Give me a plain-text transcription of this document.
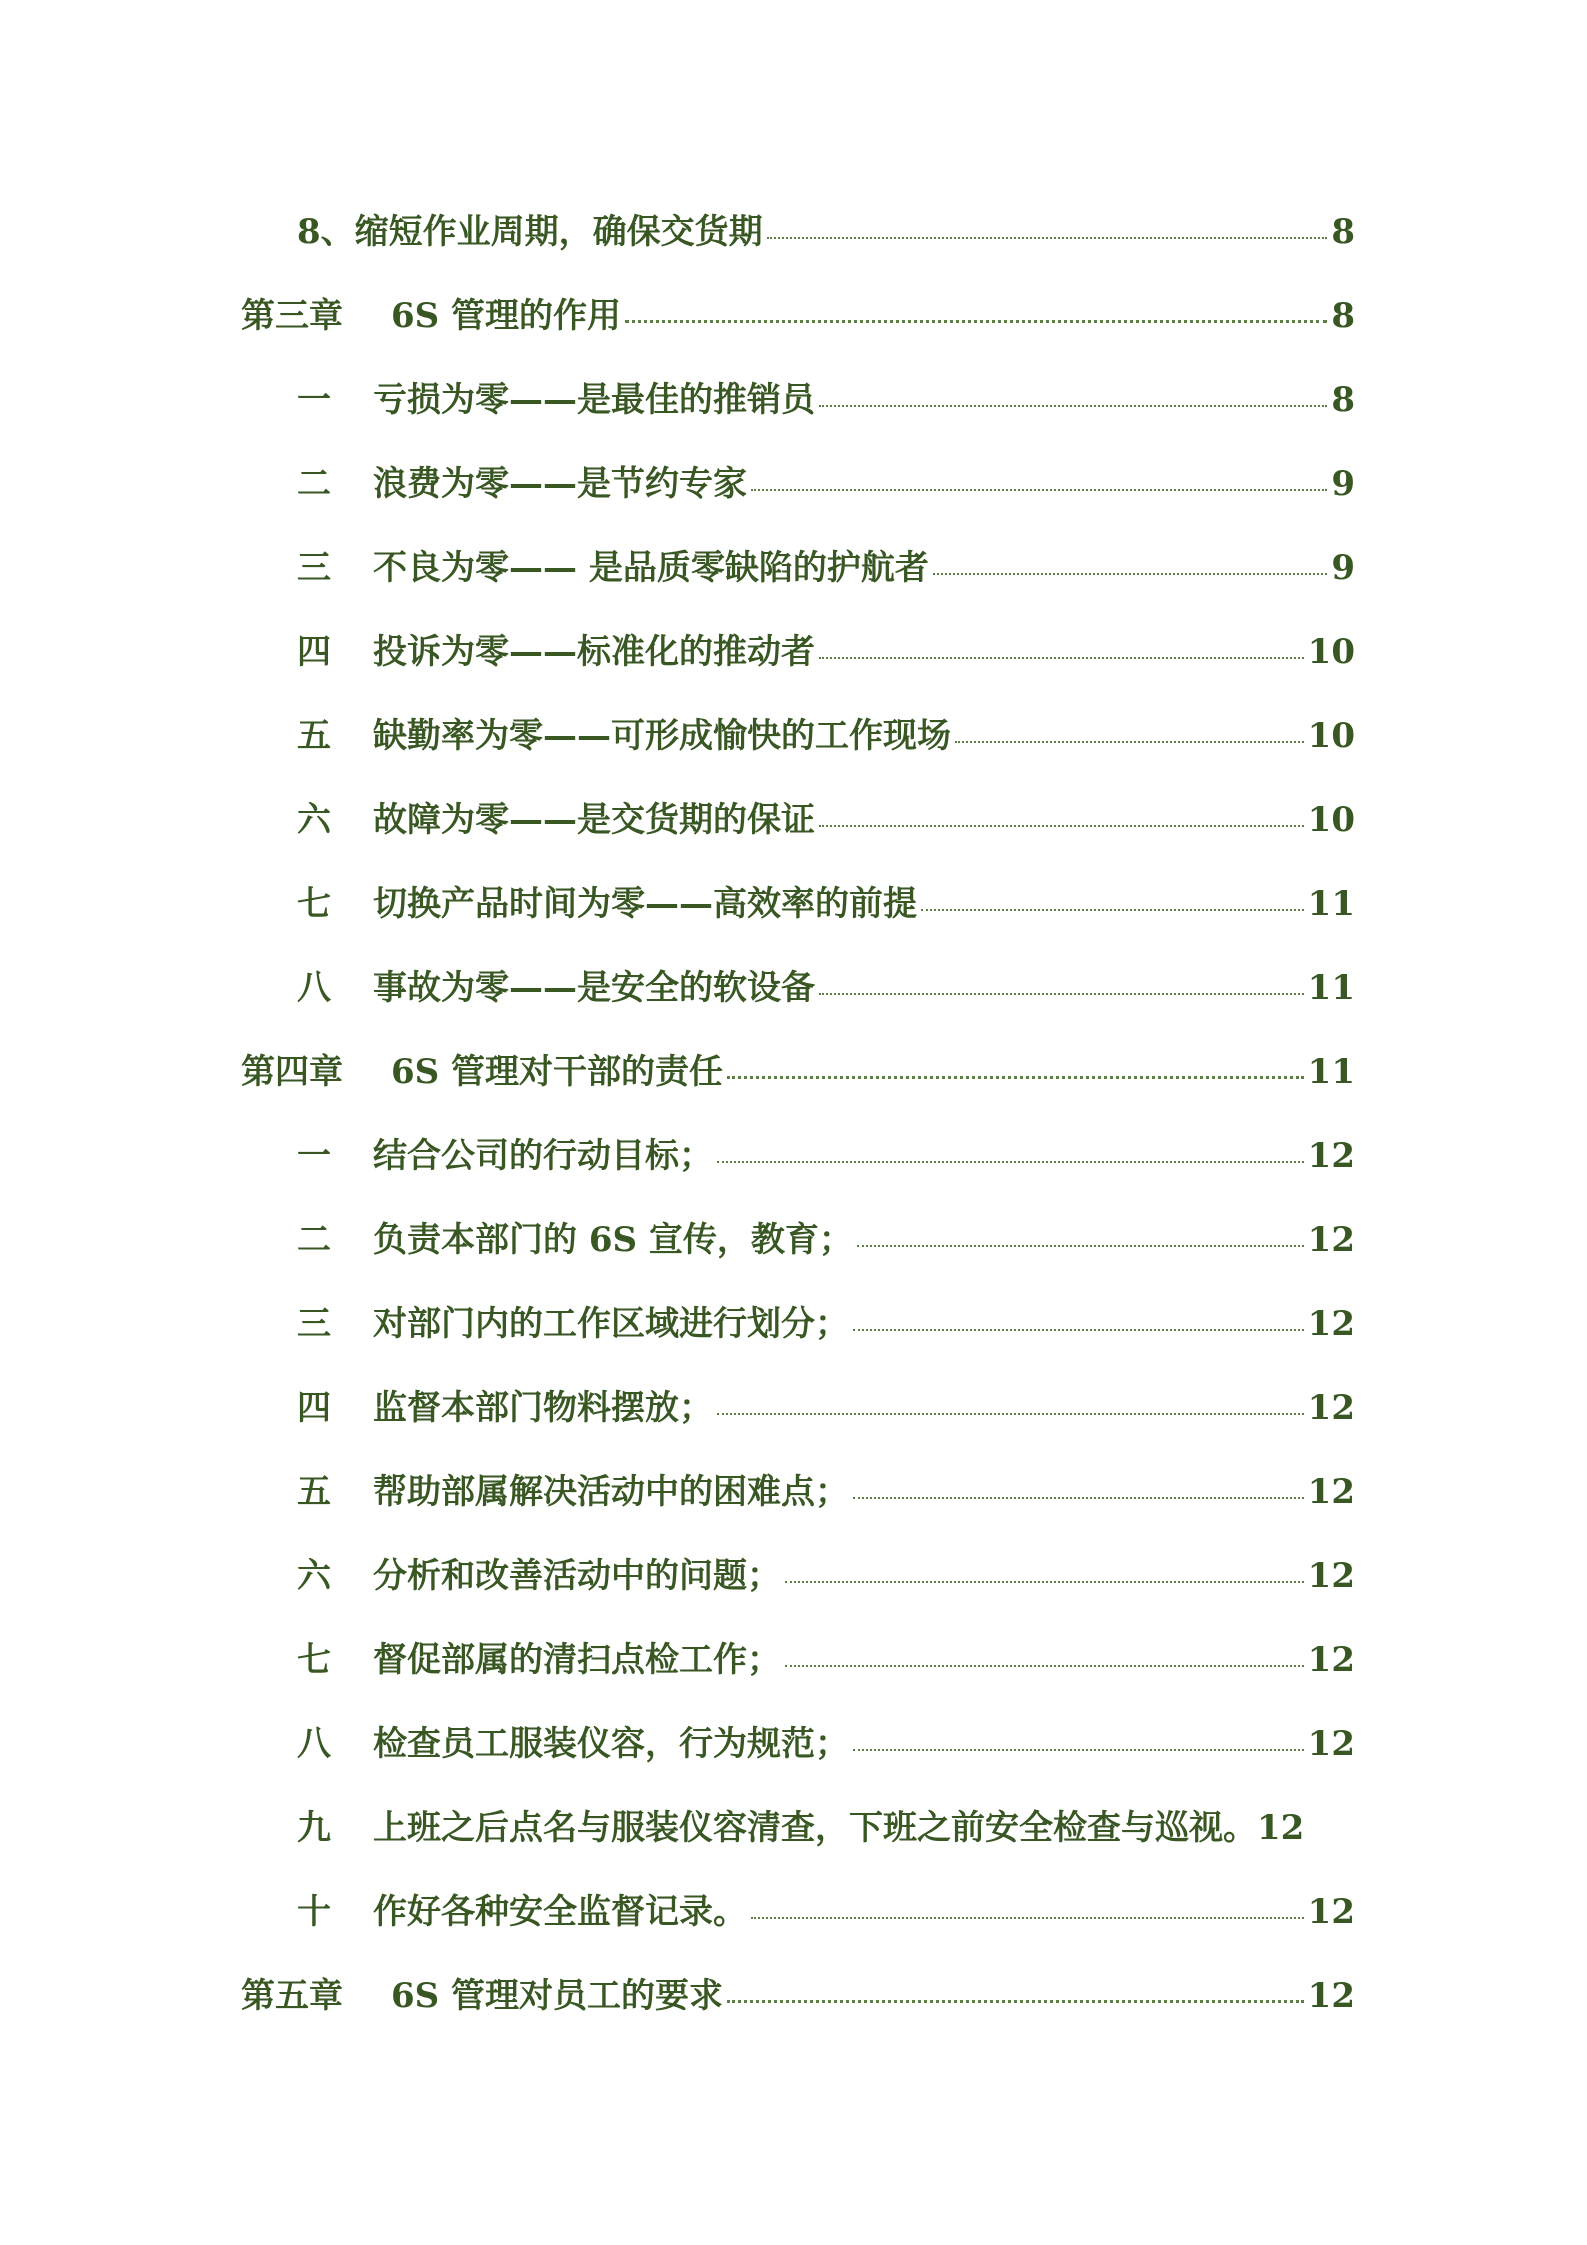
8、缩短作业周期，确保交货期	8
第三章	6S 管理的作用	8
一	亏损为零——是最佳的推销员	8
二	浪费为零——是节约专家	9
三	不良为零—— 是品质零缺陷的护航者	9
四	投诉为零——标准化的推动者	10
五	缺勤率为零——可形成愉快的工作现场	10
六	故障为零——是交货期的保证	10
七	切换产品时间为零——高效率的前提	11
八	事故为零——是安全的软设备	11
第四章	6S 管理对干部的责任	11
一	结合公司的行动目标；	12
二	负责本部门的 6S 宣传，教育；	12
三	对部门内的工作区域进行划分；	12
四	监督本部门物料摆放；	12
五	帮助部属解决活动中的困难点；	12
六	分析和改善活动中的问题；	12
七	督促部属的清扫点检工作；	12
八	检查员工服装仪容，行为规范；	12
九	上班之后点名与服装仪容清查，下班之前安全检查与巡视。 12
十	作好各种安全监督记录。	12
第五章	6S 管理对员工的要求	12
